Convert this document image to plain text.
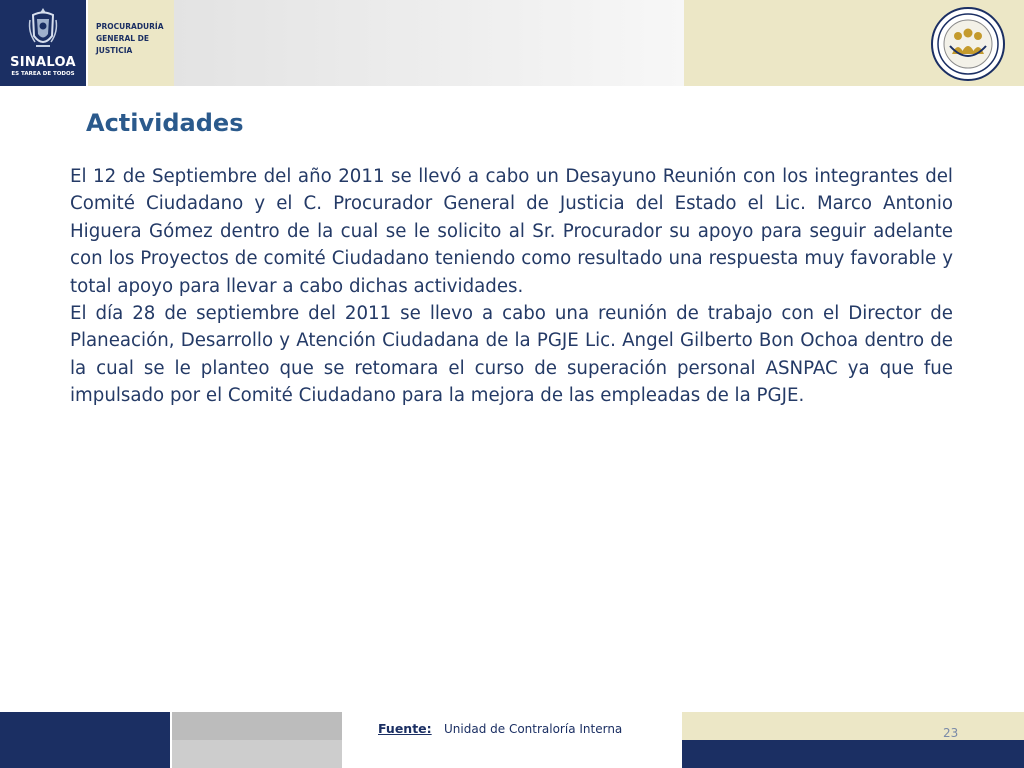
SINALOA
ES TAREA DE TODOS
PROCURADURÍA
GENERAL DE
JUSTICIA
Actividades

El 12 de Septiembre del año 2011 se llevó a cabo un Desayuno Reunión con los integrantes del Comité Ciudadano y el C. Procurador General de Justicia del Estado el Lic. Marco Antonio Higuera Gómez dentro de la cual se le solicito al Sr. Procurador su apoyo para seguir adelante con los Proyectos de comité Ciudadano teniendo como resultado una respuesta muy favorable y total apoyo para llevar a cabo dichas actividades.

El día 28 de septiembre del 2011 se llevo a cabo una reunión de trabajo con el Director de Planeación, Desarrollo y Atención Ciudadana de la PGJE Lic. Angel Gilberto Bon Ochoa dentro de la cual se le planteo que se retomara el curso de superación personal ASNPAC ya que fue impulsado por el Comité Ciudadano para la mejora de las empleadas de la PGJE.

Fuente: Unidad de Contraloría Interna	23
